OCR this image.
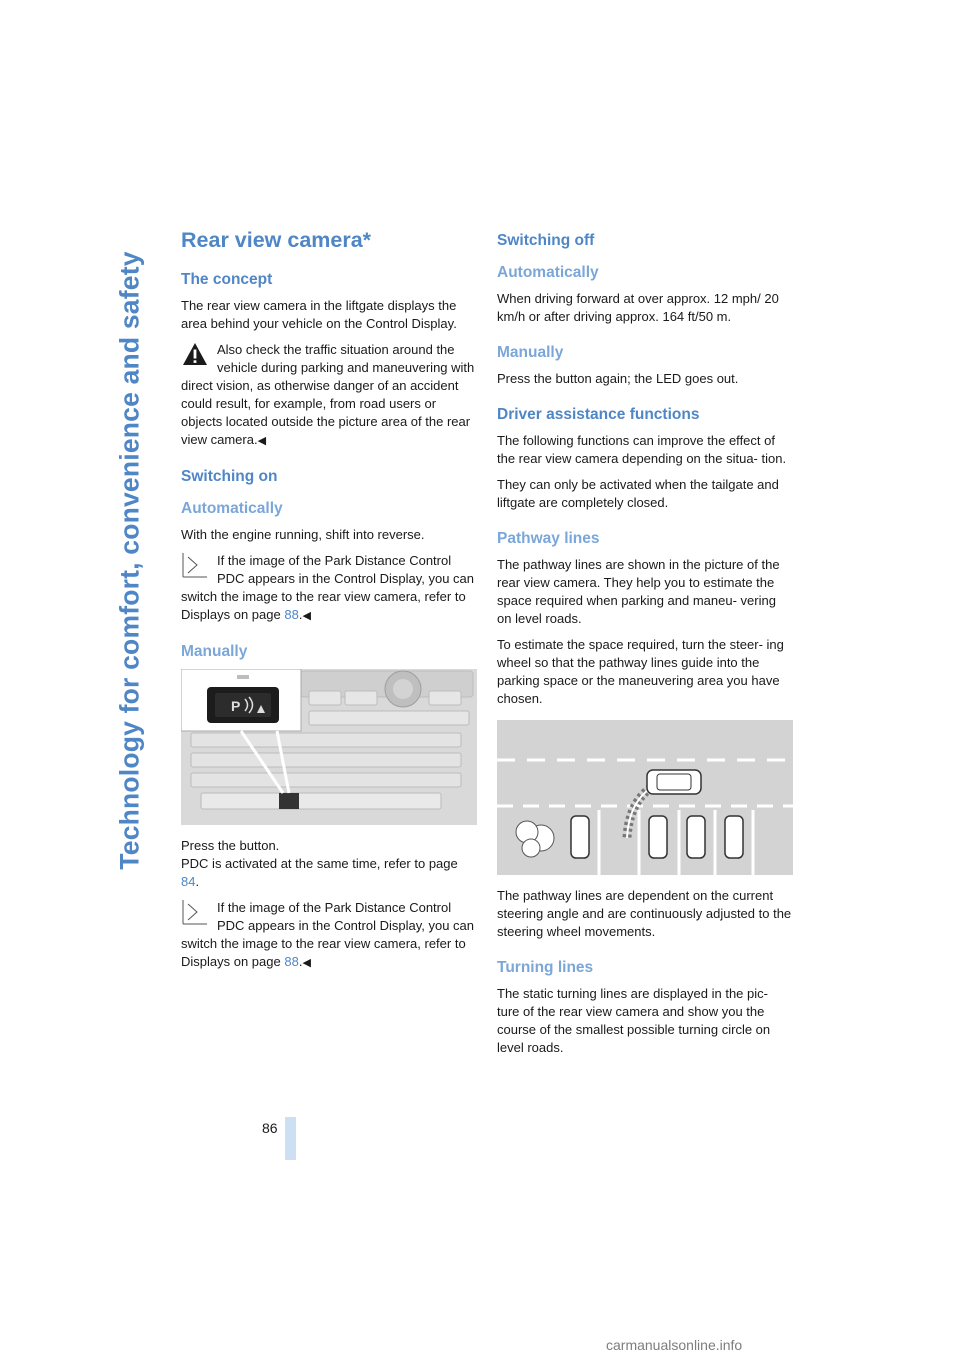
Technology for comfort, convenience and safety
Rear view camera*
The concept

The rear view camera in the liftgate displays the area behind your vehicle on the Control Display.

Also check the traffic situation around the vehicle during parking and maneuvering with direct vision, as otherwise danger of an accident could result, for example, from road users or objects located outside the picture area of the rear view camera.◀
Switching on
Automatically

With the engine running, shift into reverse.

If the image of the Park Distance Control PDC appears in the Control Display, you can switch the image to the rear view camera, refer to Displays on page 88.◀
Manually
P

Press the button.

PDC is activated at the same time, refer to page 84.

If the image of the Park Distance Control PDC appears in the Control Display, you can switch the image to the rear view camera, refer to Displays on page 88.◀
Switching off
Automatically

When driving forward at over approx. 12 mph/ 20 km/h or after driving approx. 164 ft/50 m.

Manually

Press the button again; the LED goes out.

Driver assistance functions

The following functions can improve the effect of the rear view camera depending on the situa- tion.

They can only be activated when the tailgate and liftgate are completely closed.

Pathway lines

The pathway lines are shown in the picture of the rear view camera. They help you to estimate the space required when parking and maneu- vering on level roads.

To estimate the space required, turn the steer- ing wheel so that the pathway lines guide into the parking space or the maneuvering area you have chosen.

The pathway lines are dependent on the current steering angle and are continuously adjusted to the steering wheel movements.

Turning lines

The static turning lines are displayed in the pic- ture of the rear view camera and show you the course of the smallest possible turning circle on level roads.

86
carmanualsonline.info
